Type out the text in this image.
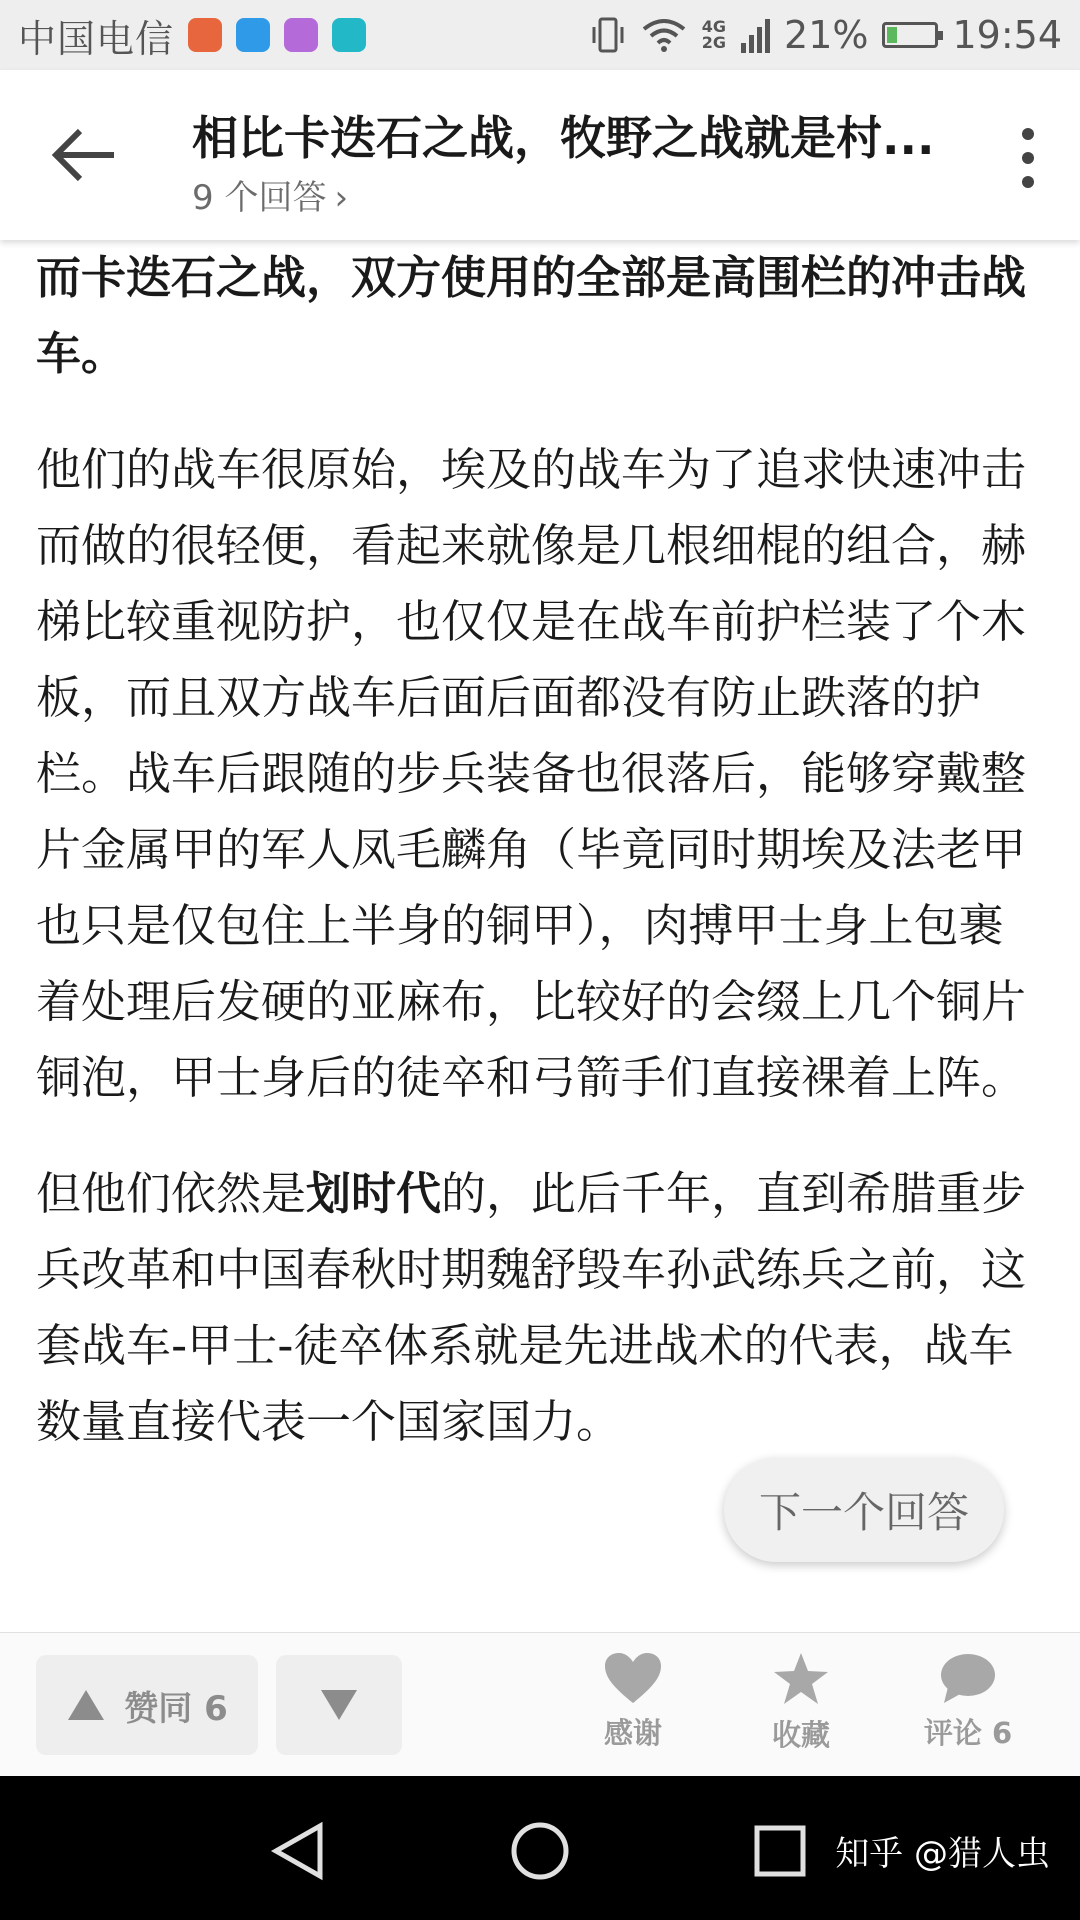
中国电信	4G
2G 21% 19:54
相比卡迭石之战，牧野之战就是村...
9 个回答 ›

而卡迭石之战，双方使用的全部是高围栏的冲击战车。

他们的战车很原始，埃及的战车为了追求快速冲击而做的很轻便，看起来就像是几根细棍的组合，赫梯比较重视防护，也仅仅是在战车前护栏装了个木板，而且双方战车后面后面都没有防止跌落的护栏。战车后跟随的步兵装备也很落后，能够穿戴整片金属甲的军人凤毛麟角（毕竟同时期埃及法老甲也只是仅包住上半身的铜甲），肉搏甲士身上包裹着处理后发硬的亚麻布，比较好的会缀上几个铜片铜泡，甲士身后的徒卒和弓箭手们直接裸着上阵。

但他们依然是划时代的，此后千年，直到希腊重步兵改革和中国春秋时期魏舒毁车孙武练兵之前，这套战车-甲士-徒卒体系就是先进战术的代表，战车数量直接代表一个国家国力。

下一个回答
赞同 6
感谢	收藏	评论 6
知乎 @猎人虫
